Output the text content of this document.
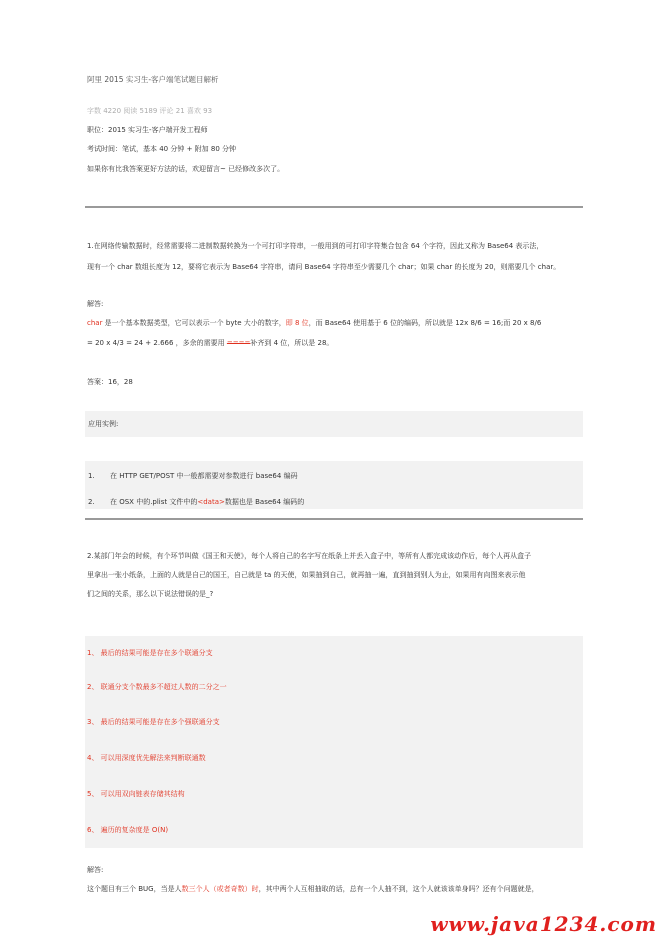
阿里 2015 实习生-客户端笔试题目解析
字数 4220 阅读 5189 评论 21 喜欢 93
职位：2015 实习生-客户端开发工程师
考试时间：笔试，基本 40 分钟 + 附加 80 分钟
如果你有比我答案更好方法的话，欢迎留言~ 已经修改多次了。
1.在网络传输数据时，经常需要将二进制数据转换为一个可打印字符串，一般用到的可打印字符集合包含 64 个字符，因此又称为 Base64 表示法，
现有一个 char 数组长度为 12，要将它表示为 Base64 字符串，请问 Base64 字符串至少需要几个 char；如果 char 的长度为 20，则需要几个 char。
解答:
char 是一个基本数据类型，它可以表示一个 byte 大小的数字，即 8 位，而 Base64 使用基于 6 位的编码，所以就是 12x 8/6 = 16;而 20 x 8/6
= 20 x 4/3 = 24 + 2.666 ，多余的需要用 ====补齐到 4 位，所以是 28。
答案：16，28
应用实例:
1. 在 HTTP GET/POST 中一般都需要对参数进行 base64 编码
2. 在 OSX 中的.plist 文件中的<data>数据也是 Base64 编码的
2.某部门年会的时候，有个环节叫做《国王和天使》，每个人将自己的名字写在纸条上并丢入盒子中，等所有人都完成该动作后，每个人再从盒子
里拿出一张小纸条，上面的人就是自己的国王，自己就是 ta 的天使，如果抽到自己，就再抽一遍，直到抽到别人为止，如果用有向图来表示他
们之间的关系，那么以下说法错误的是_?
1、 最后的结果可能是存在多个联通分支
2、 联通分支个数最多不超过人数的二分之一
3、 最后的结果可能是存在多个强联通分支
4、 可以用深度优先解法来判断联通数
5、 可以用双向链表存储其结构
6、 遍历的复杂度是 O(N)
解答:
这个题目有三个 BUG，当是人数三个人（或者奇数）时，其中两个人互相抽取的话，总有一个人抽不到，这个人就该该单身吗？还有个问题就是，
www.java1234.com
